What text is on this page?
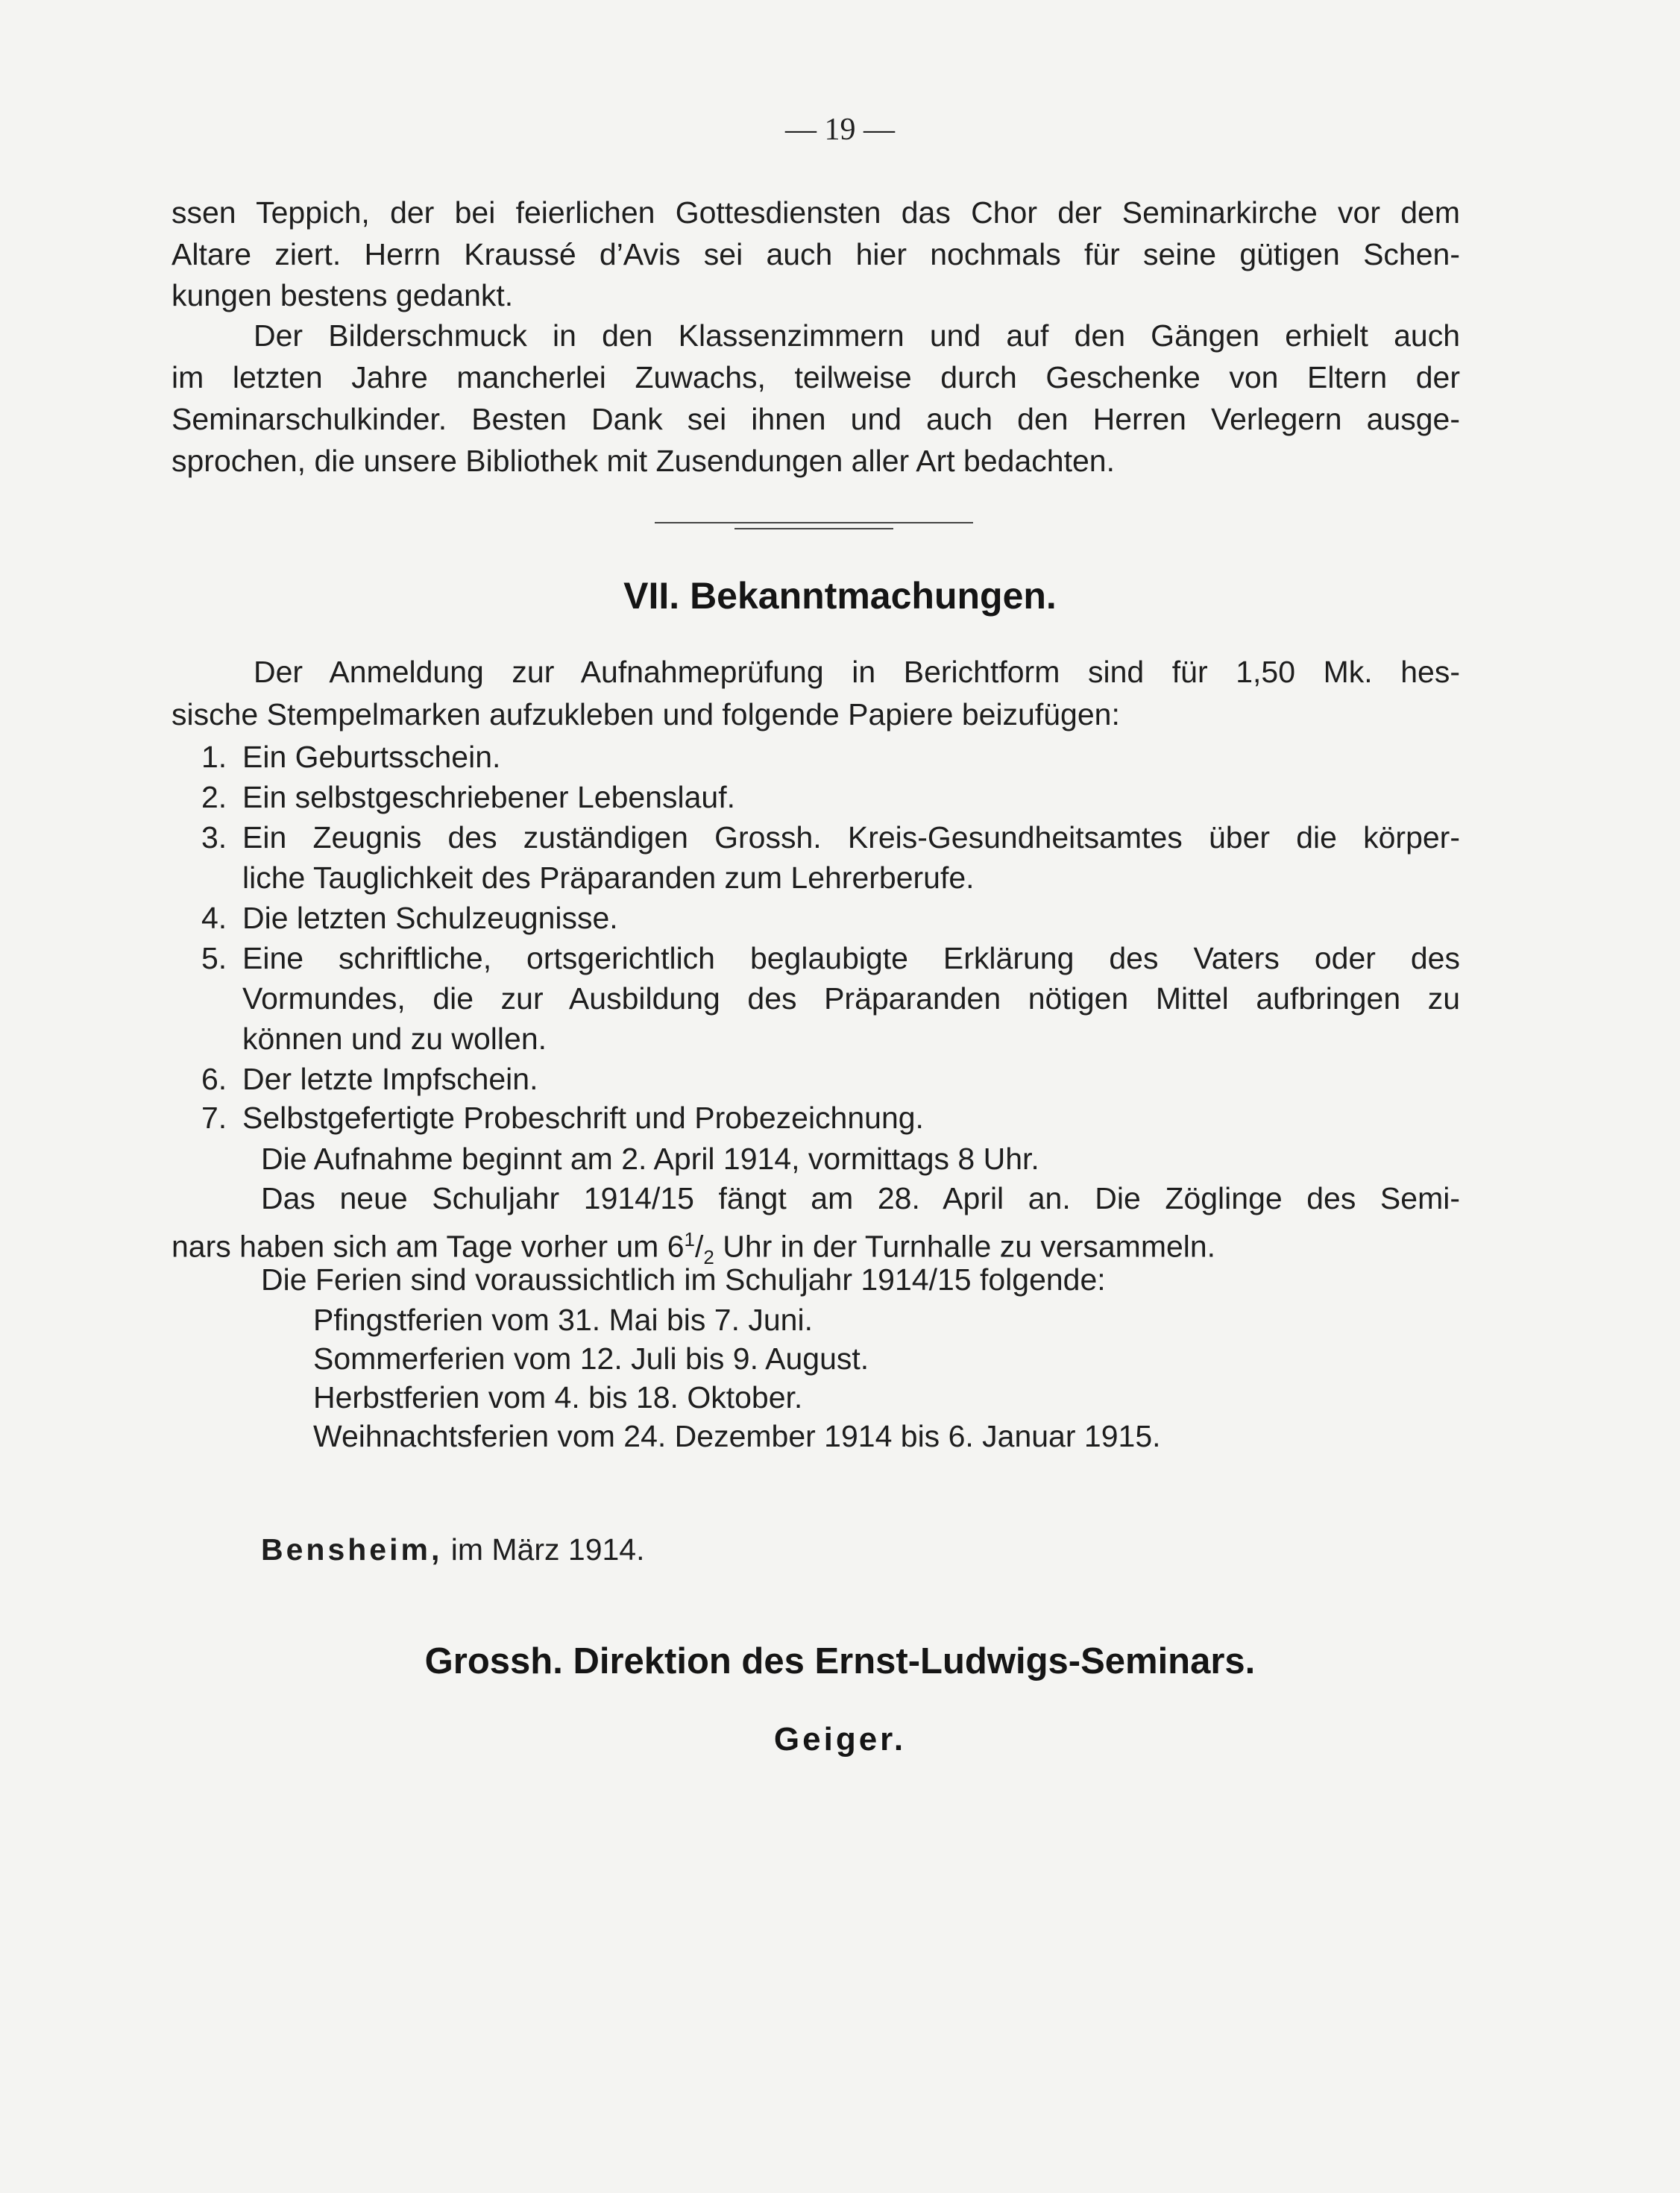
— 19 —
ssen Teppich, der bei feierlichen Gottesdiensten das Chor der Seminarkirche vor dem
Altare ziert. Herrn Kraussé d’Avis sei auch hier nochmals für seine gütigen Schen-
kungen bestens gedankt.
Der Bilderschmuck in den Klassenzimmern und auf den Gängen erhielt auch
im letzten Jahre mancherlei Zuwachs, teilweise durch Geschenke von Eltern der
Seminarschulkinder. Besten Dank sei ihnen und auch den Herren Verlegern ausge-
sprochen, die unsere Bibliothek mit Zusendungen aller Art bedachten.
VII. Bekanntmachungen.
Der Anmeldung zur Aufnahmeprüfung in Berichtform sind für 1,50 Mk. hes-
sische Stempelmarken aufzukleben und folgende Papiere beizufügen:
1. Ein Geburtsschein.
2. Ein selbstgeschriebener Lebenslauf.
3. Ein Zeugnis des zuständigen Grossh. Kreis-Gesundheitsamtes über die körper-
liche Tauglichkeit des Präparanden zum Lehrerberufe.
4. Die letzten Schulzeugnisse.
5. Eine schriftliche, ortsgerichtlich beglaubigte Erklärung des Vaters oder des
Vormundes, die zur Ausbildung des Präparanden nötigen Mittel aufbringen zu
können und zu wollen.
6. Der letzte Impfschein.
7. Selbstgefertigte Probeschrift und Probezeichnung.
Die Aufnahme beginnt am 2. April 1914, vormittags 8 Uhr.
Das neue Schuljahr 1914/15 fängt am 28. April an. Die Zöglinge des Semi-
nars haben sich am Tage vorher um $6^1/_2$ Uhr in der Turnhalle zu versammeln.
Die Ferien sind voraussichtlich im Schuljahr 1914/15 folgende:
Pfingstferien vom 31. Mai bis 7. Juni.
Sommerferien vom 12. Juli bis 9. August.
Herbstferien vom 4. bis 18. Oktober.
Weihnachtsferien vom 24. Dezember 1914 bis 6. Januar 1915.
Bensheim, im März 1914.
Grossh. Direktion des Ernst-Ludwigs-Seminars.
Geiger.
